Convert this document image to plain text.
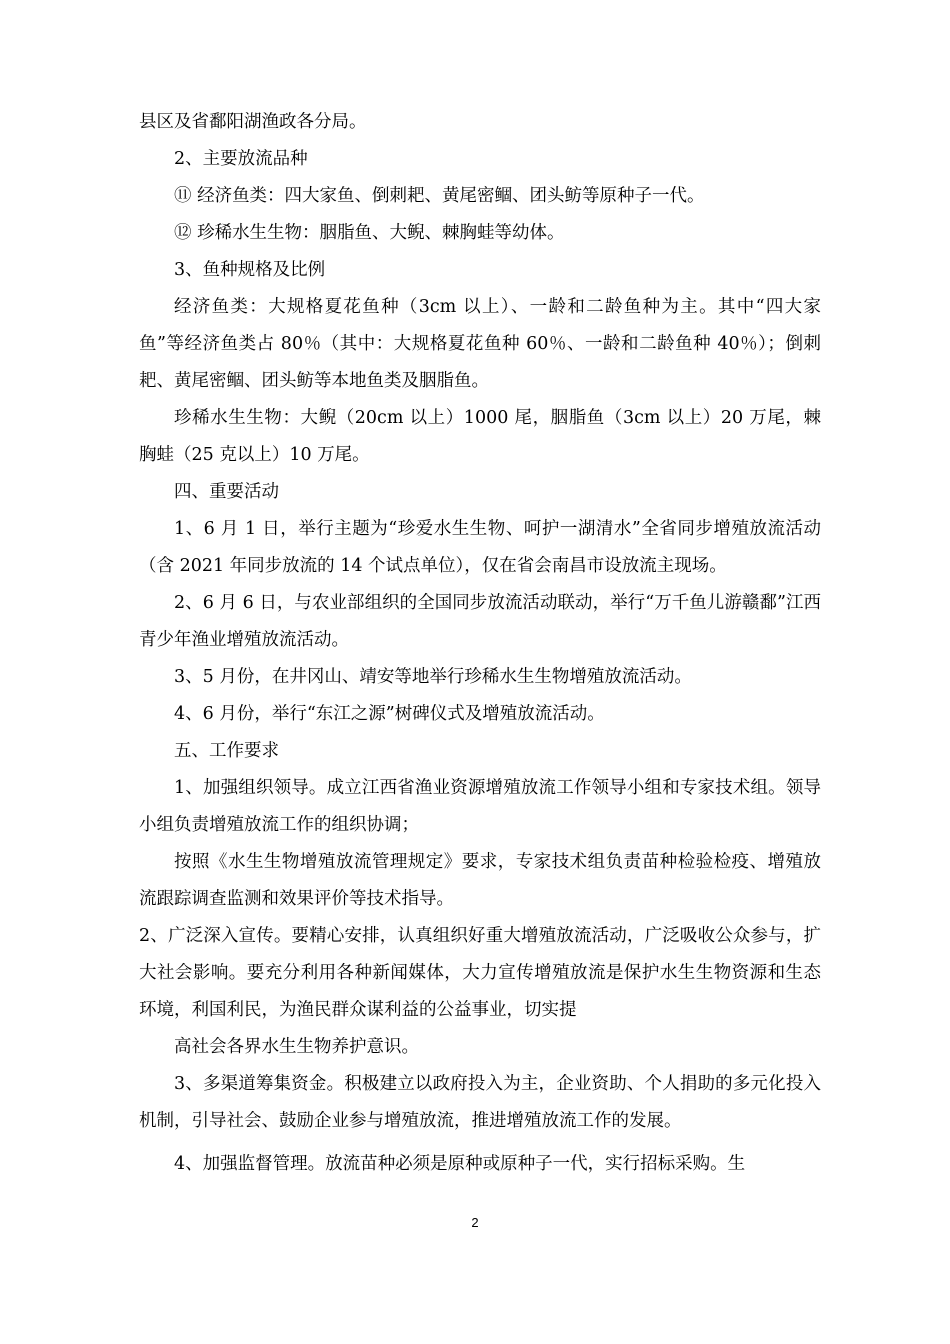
县区及省鄱阳湖渔政各分局。

2、主要放流品种

⑪ 经济鱼类：四大家鱼、倒刺耙、黄尾密鲴、团头鲂等原种子一代。

⑫ 珍稀水生生物：胭脂鱼、大鲵、棘胸蛙等幼体。

3、鱼种规格及比例

经济鱼类：大规格夏花鱼种（3cm 以上）、一龄和二龄鱼种为主。其中“四大家鱼”等经济鱼类占 80％（其中：大规格夏花鱼种 60％、一龄和二龄鱼种 40％）；倒刺耙、黄尾密鲴、团头鲂等本地鱼类及胭脂鱼。

珍稀水生生物：大鲵（20cm 以上）1000 尾，胭脂鱼（3cm 以上）20 万尾，棘胸蛙（25 克以上）10 万尾。

四、重要活动

1、6 月 1 日，举行主题为“珍爱水生生物、呵护一湖清水”全省同步增殖放流活动（含 2021 年同步放流的 14 个试点单位），仅在省会南昌市设放流主现场。

2、6 月 6 日，与农业部组织的全国同步放流活动联动，举行“万千鱼儿游赣鄱”江西青少年渔业增殖放流活动。

3、5 月份，在井冈山、靖安等地举行珍稀水生生物增殖放流活动。

4、6 月份，举行“东江之源”树碑仪式及增殖放流活动。

五、工作要求

1、加强组织领导。成立江西省渔业资源增殖放流工作领导小组和专家技术组。领导小组负责增殖放流工作的组织协调；

按照《水生生物增殖放流管理规定》要求，专家技术组负责苗种检验检疫、增殖放流跟踪调查监测和效果评价等技术指导。

2、广泛深入宣传。要精心安排，认真组织好重大增殖放流活动，广泛吸收公众参与，扩大社会影响。要充分利用各种新闻媒体，大力宣传增殖放流是保护水生生物资源和生态环境，利国利民，为渔民群众谋利益的公益事业，切实提

高社会各界水生生物养护意识。

3、多渠道筹集资金。积极建立以政府投入为主，企业资助、个人捐助的多元化投入机制，引导社会、鼓励企业参与增殖放流，推进增殖放流工作的发展。

4、加强监督管理。放流苗种必须是原种或原种子一代，实行招标采购。生

2
